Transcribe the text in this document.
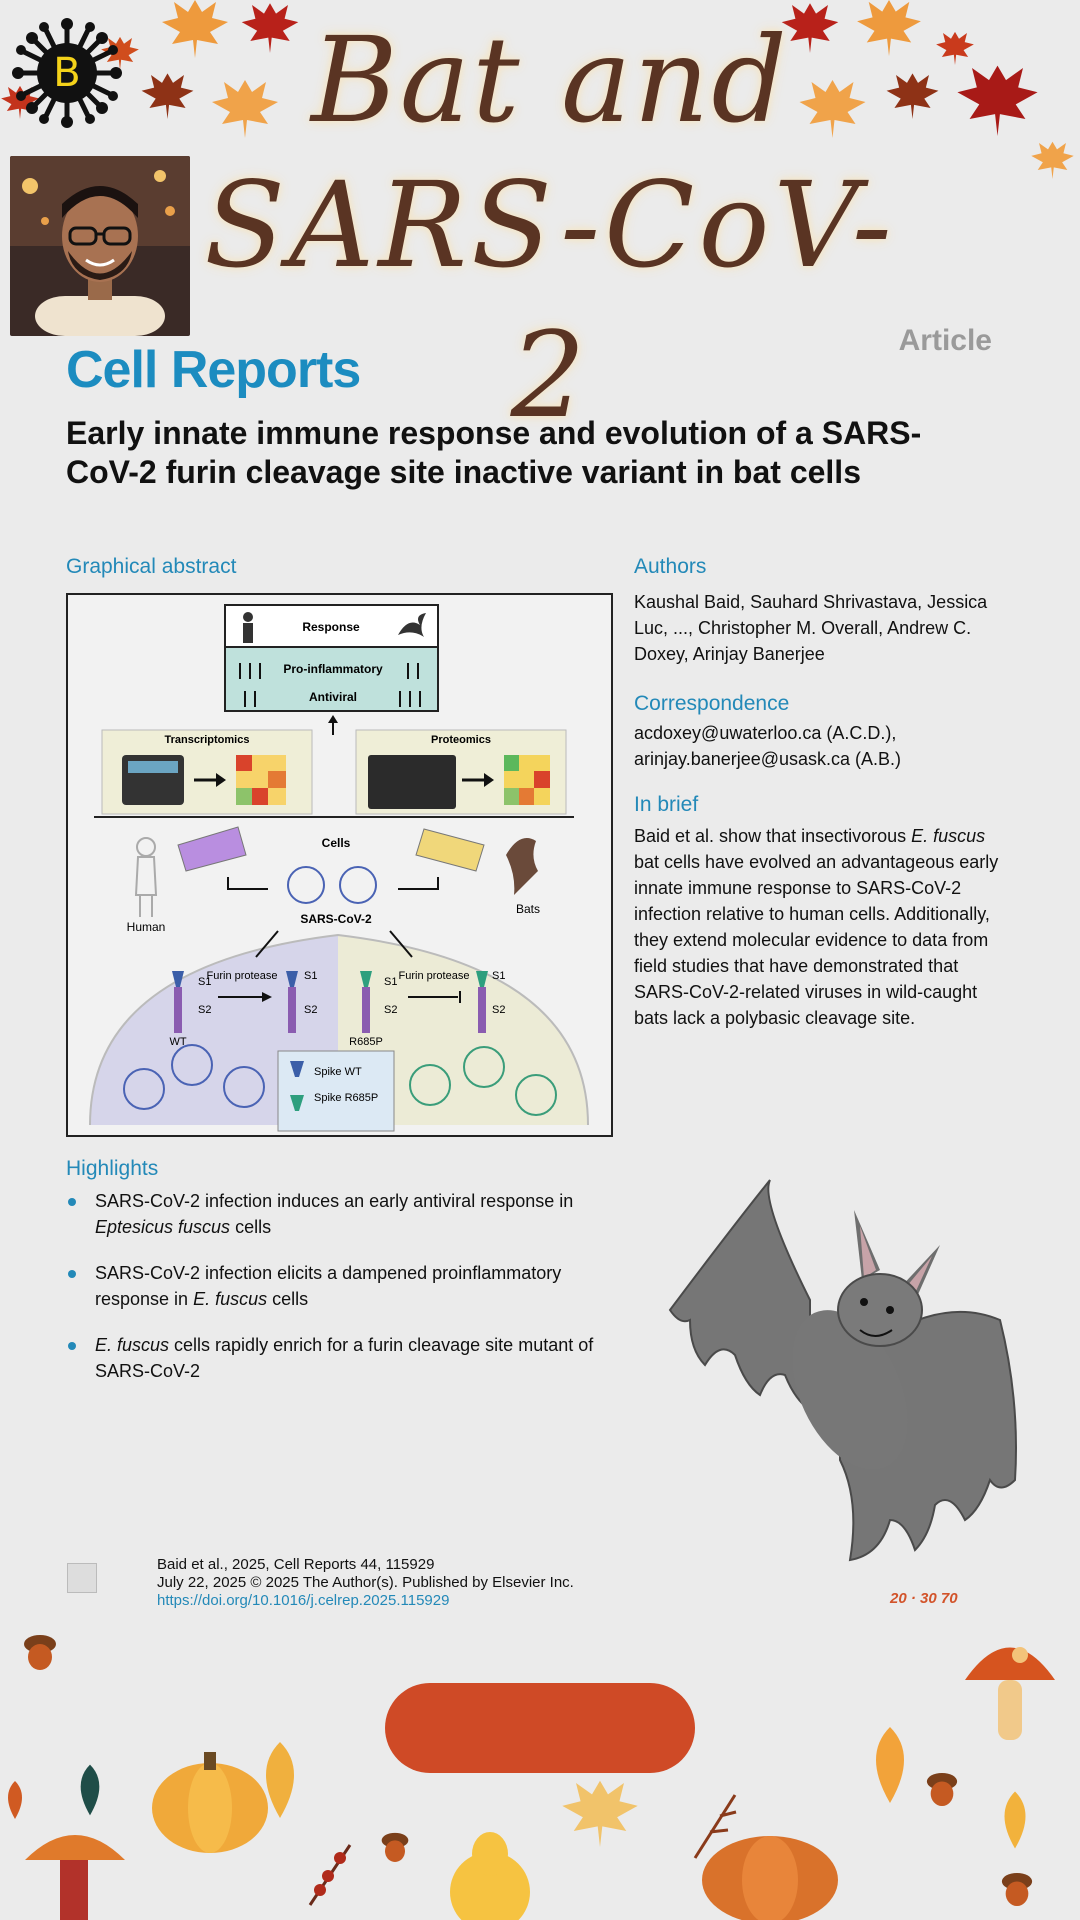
B	Bat and
SARS-CoV-2	Article
Cell Reports
Early innate immune response and evolution of a SARS-CoV-2 furin cleavage site inactive variant in bat cells
Graphical abstract
Response
Pro-inflammatory
Antiviral
Transcriptomics	Proteomics
Human
Cells
SARS-CoV-2
Bats
S1
S2
S1
S2
S1
S2
S1
S2
Furin protease	Furin protease
WT	R685P
Spike WT
Spike R685P
Authors
Kaushal Baid, Sauhard Shrivastava, Jessica Luc, ..., Christopher M. Overall, Andrew C. Doxey, Arinjay Banerjee
Correspondence
acdoxey@uwaterloo.ca (A.C.D.),
arinjay.banerjee@usask.ca (A.B.)
In brief
Baid et al. show that insectivorous E. fuscus bat cells have evolved an advantageous early innate immune response to SARS-CoV-2 infection relative to human cells. Additionally, they extend molecular evidence to data from field studies that have demonstrated that SARS-CoV-2-related viruses in wild-caught bats lack a polybasic cleavage site.
Highlights
SARS-CoV-2 infection induces an early antiviral response in Eptesicus fuscus cells
SARS-CoV-2 infection elicits a dampened proinflammatory response in E. fuscus cells
E. fuscus cells rapidly enrich for a furin cleavage site mutant of SARS-CoV-2
Baid et al., 2025, Cell Reports 44, 115929
July 22, 2025 © 2025 The Author(s). Published by Elsevier Inc.
https://doi.org/10.1016/j.celrep.2025.115929	20 · 30 70
